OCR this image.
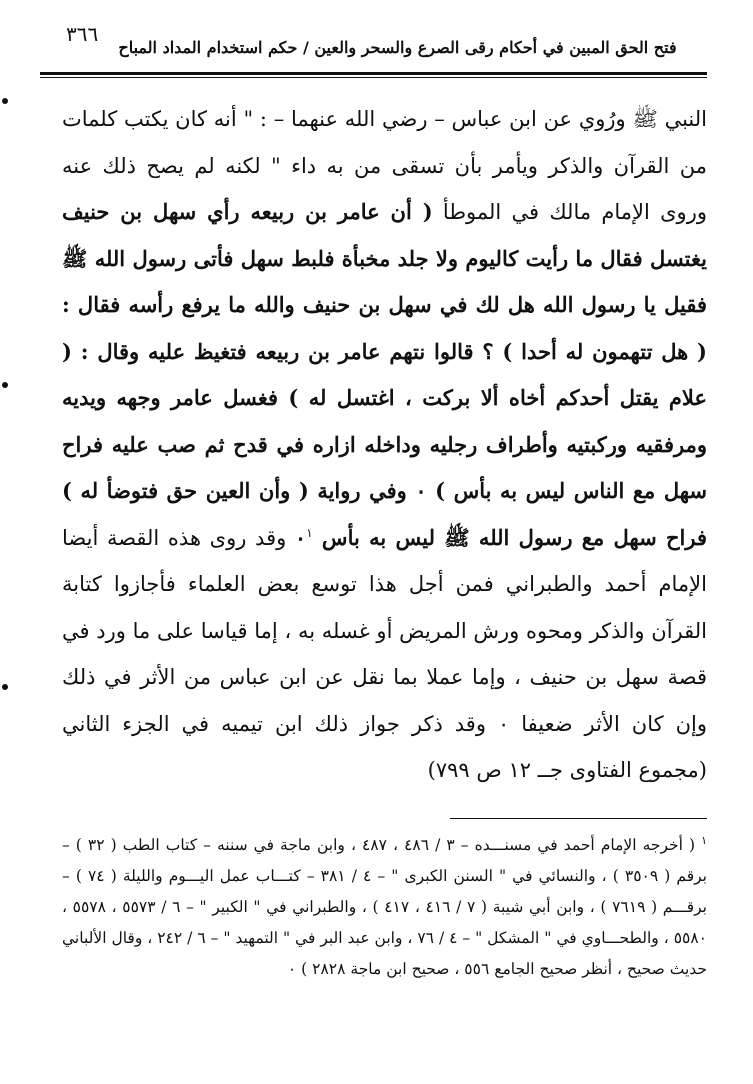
٣٦٦
فتح الحق المبين في أحكام رقى الصرع والسحر والعين / حكم استخدام المداد المباح

النبي ﷺ ورُوي عن ابن عباس – رضي الله عنهما – : " أنه كان يكتب كلمات من القرآن والذكر ويأمر بأن تسقى من به داء " لكنه لم يصح ذلك عنه وروى الإمام مالك في الموطأ ( أن عامر بن ربيعه رأي سهل بن حنيف يغتسل فقال ما رأيت كاليوم ولا جلد مخبأة فلبط سهل فأتى رسول الله ﷺ فقيل يا رسول الله هل لك في سهل بن حنيف والله ما يرفع رأسه فقال : ( هل تتهمون له أحدا ) ؟ قالوا نتهم عامر بن ربيعه فتغيظ عليه وقال : ( علام يقتل أحدكم أخاه ألا بركت ، اغتسل له ) فغسل عامر وجهه ويديه ومرفقيه وركبتيه وأطراف رجليه وداخله ازاره في قدح ثم صب عليه فراح سهل مع الناس ليس به بأس ) ٠ وفي رواية ( وأن العين حق فتوضأ له ) فراح سهل مع رسول الله ﷺ ليس به بأس ٠$^١$ وقد روى هذه القصة أيضا الإمام أحمد والطبراني فمن أجل هذا توسع بعض العلماء فأجازوا كتابة القرآن والذكر ومحوه ورش المريض أو غسله به ، إما قياسا على ما ورد في قصة سهل بن حنيف ، وإما عملا بما نقل عن ابن عباس من الأثر في ذلك وإن كان الأثر ضعيفا ٠ وقد ذكر جواز ذلك ابن تيميه في الجزء الثاني (مجموع الفتاوى جــ ١٢ ص ٧٩٩)

$^١$ ( أخرجه الإمام أحمد في مسنـــده – ٣ / ٤٨٦ ، ٤٨٧ ، وابن ماجة في سننه – كتاب الطب ( ٣٢ ) – برقم ( ٣٥٠٩ ) ، والنسائي في " السنن الكبرى " – ٤ / ٣٨١ – كتـــاب عمل اليـــوم والليلة ( ٧٤ ) – برقـــم ( ٧٦١٩ ) ، وابن أبي شيبة ( ٧ / ٤١٦ ، ٤١٧ ) ، والطبراني في " الكبير " – ٦ / ٥٥٧٣ ، ٥٥٧٨ ، ٥٥٨٠ ، والطحـــاوي في " المشكل " – ٤ / ٧٦ ، وابن عبد البر في " التمهيد " – ٦ / ٢٤٢ ، وقال الألباني حديث صحيح ، أنظر صحيح الجامع ٥٥٦ ، صحيح ابن ماجة ٢٨٢٨ ) ٠
